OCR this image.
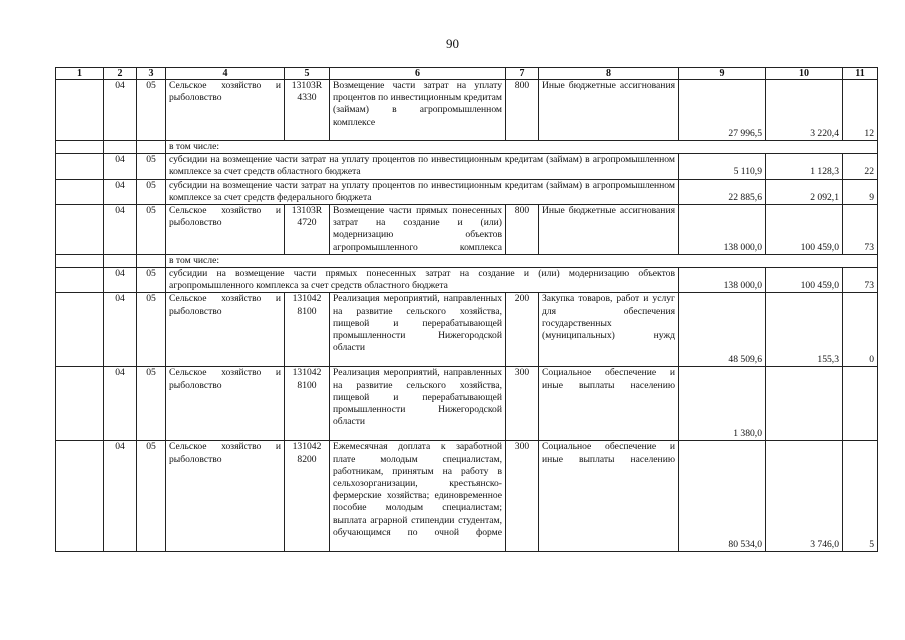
90
1	2	3	4	5	6	7	8	9	10	11
	04	05	Сельское хозяйство и рыболовство	13103R 4330	Возмещение части затрат на уплату процентов по инвестиционным кредитам (займам) в агропромышленном комплексе	800	Иные бюджетные ассигнования	27 996,5	3 220,4	12
			в том числе:							
	04	05	субсидии на возмещение части затрат на уплату процентов по инвестиционным кредитам (займам) в агропромышленном комплексе за счет средств областного бюджета					5 110,9	1 128,3	22
	04	05	субсидии на возмещение части затрат на уплату процентов по инвестиционным кредитам (займам) в агропромышленном комплексе за счет средств федерального бюджета					22 885,6	2 092,1	9
	04	05	Сельское хозяйство и рыболовство	13103R 4720	Возмещение части прямых понесенных затрат на создание и (или) модернизацию объектов агропромышленного комплекса	800	Иные бюджетные ассигнования	138 000,0	100 459,0	73
			в том числе:							
	04	05	субсидии на возмещение части прямых понесенных затрат на создание и (или) модернизацию объектов агропромышленного комплекса за счет средств областного бюджета					138 000,0	100 459,0	73
	04	05	Сельское хозяйство и рыболовство	131042 8100	Реализация мероприятий, направленных на развитие сельского хозяйства, пищевой и перерабатывающей промышленности Нижегородской области	200	Закупка товаров, работ и услуг для обеспечения государственных (муниципальных) нужд	48 509,6	155,3	0
	04	05	Сельское хозяйство и рыболовство	131042 8100	Реализация мероприятий, направленных на развитие сельского хозяйства, пищевой и перерабатывающей промышленности Нижегородской области	300	Социальное обеспечение и иные выплаты населению	1 380,0		
	04	05	Сельское хозяйство и рыболовство	131042 8200	Ежемесячная доплата к заработной плате молодым специалистам, работникам, принятым на работу в сельхозорганизации, крестьянско-фермерские хозяйства; единовременное пособие молодым специалистам; выплата аграрной стипендии студентам, обучающимся по очной форме	300	Социальное обеспечение и иные выплаты населению	80 534,0	3 746,0	5
